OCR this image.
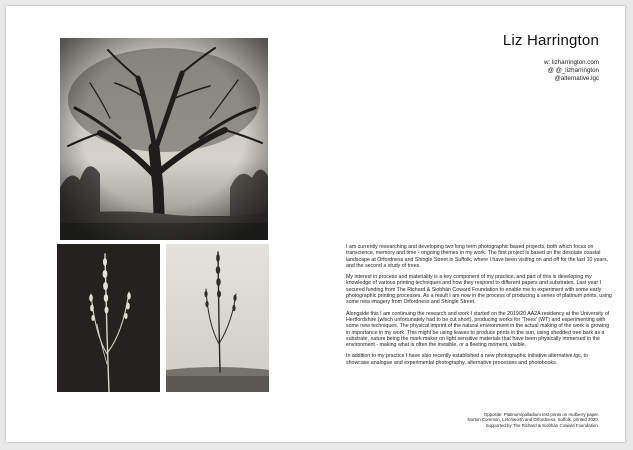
Liz Harrington
w: lizharrington.com
@ @_lizharrington
@alternative.lgc

I am currently researching and developing two long term photographic based projects, both which focus on transcience, memory and time - ongoing themes in my work. The first project is based on the desolate coastal landscape at Orfordness and Shingle Street in Suffolk, where I have been visiting on and off for the last 10 years, and the second a study of trees.

My interest in process and materiality is a key component of my practice, and part of this is developing my knowledge of various printing techniques and how they respond to different papers and substrates. Last year I secured funding from The Richard & Siobhán Coward Foundation to enable me to experiment with some early photographic printing processes. As a result I am now in the process of producing a series of platinum prints, using some new imagery from Orfordness and Shingle Street.

Alongside this I am continuing the research and work I started on the 2019/20 AA2A residency at the University of Hertfordshire (which unfortunately had to be cut short), producing works for 'Trees' (WT) and experimenting with some new techniques. The physical imprint of the natural environment in the actual making of the work is growing in importance in my work. This might be using leaves to produce prints in the sun, using shedded tree bark as a substrate, nature being the mark maker on light sensitive materials that have been physically immersed in the environment - making what is often the invisible, or a fleeting moment, visible.

In addition to my practice I have also recently established a new photographic initiative alternative.lgc, to showcase analogue and experimental photography, alternative processes and photobooks.

Opposite: Platinum/palladium test prints on mulberry paper.
Norton Common, Letchworth and Orfordness, Suffolk, printed 2020.
Supported by The Richard & Siobhán Coward Foundation.
